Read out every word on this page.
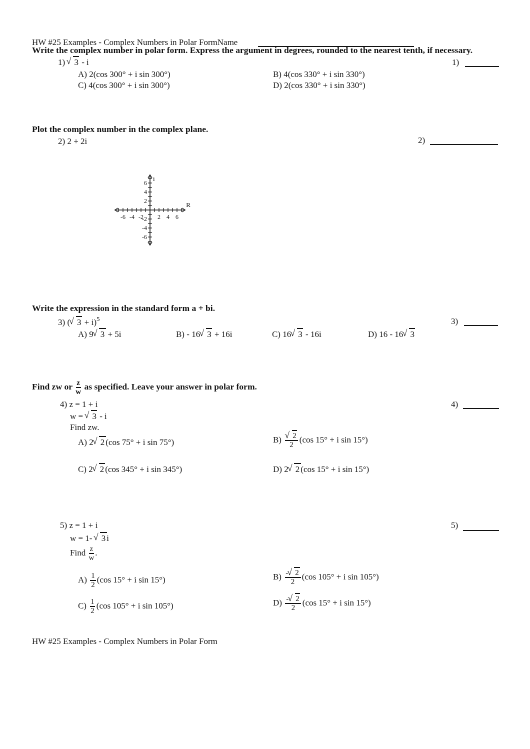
HW #25 Examples - Complex Numbers in Polar FormName
Write the complex number in polar form. Express the argument in degrees, rounded to the nearest tenth, if necessary.
1) √ 3 - i	1)
A) 2(cos 300° + i sin 300°)	B) 4(cos 330° + i sin 330°)
C) 4(cos 300° + i sin 300°)	D) 2(cos 330° + i sin 330°)
Plot the complex number in the complex plane.
2) 2 + 2i	2)
-6 -4 -2 2 4 6
6
4
2
-2
-4
-6
i
R
Write the expression in the standard form a + bi.
3) ( √ 3 + i)$^5$	3)
A) 9 √ 3 + 5i	B) - 16 √ 3 + 16i	C) 16 √ 3 - 16i	D) 16 - 16 √ 3
Find zw or $\frac{z}{w}$ as specified. Leave your answer in polar form.
4) z = 1 + i	4)
w = √ 3 - i
Find zw.
A) 2 √ 2(cos 75° + i sin 75°)	B) √ $\frac{2}{2} (\cos$ 15° + i sin 15°)
C) 2 √ 2(cos 345° + i sin 345°)	D) 2 √ 2(cos 15° + i sin 15°)
5) z = 1 + i	5)
w = 1- √ 3i
Find $\frac{z}{w}$ .
$A) \frac{1}{2} (\cos$ 15° + i sin 15°)	$B) \frac{- √ 2}{2} (\cos$ 105° + i sin 105°)
$C) \frac{1}{2} (\cos$ 105° + i sin 105°)	$D) \frac{- √ 2}{2} (\cos$ 15° + i sin 15°)
HW #25 Examples - Complex Numbers in Polar Form
